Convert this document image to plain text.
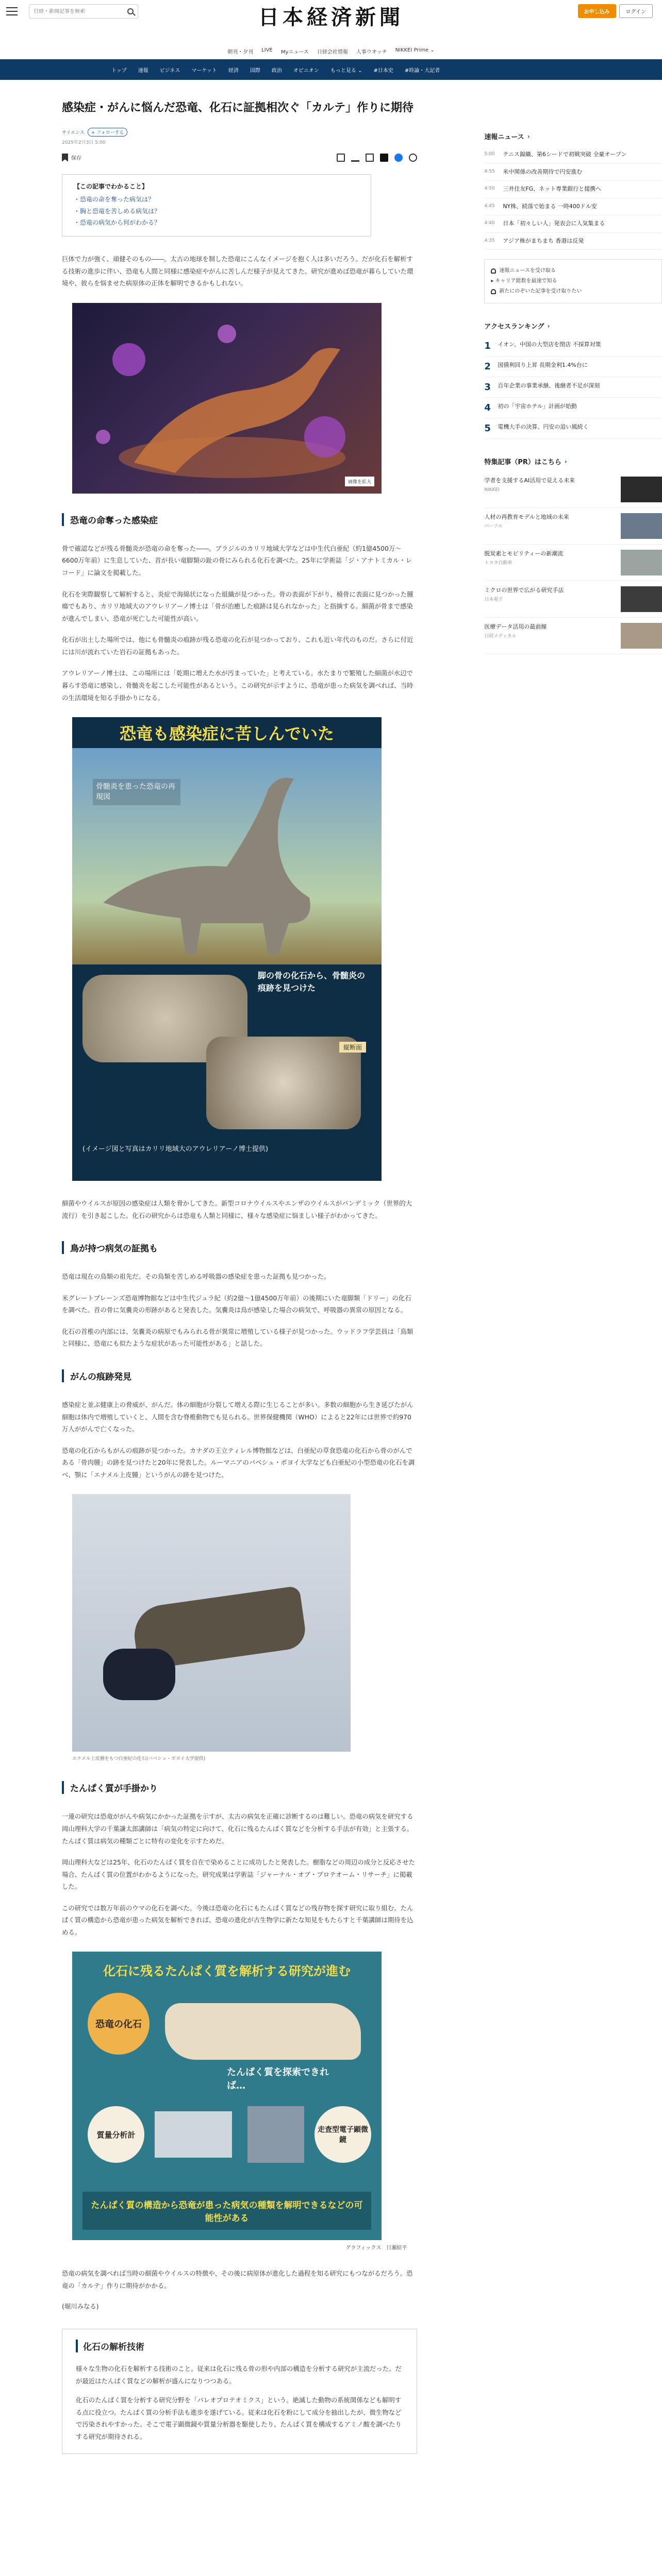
日経・新聞記事を検索
日本経済新聞	お申し込み	ログイン
朝刊・夕刊 LIVE Myニュース 日経会社情報 人事ウオッチ NIKKEI Prime ⌄
トップ 速報 ビジネス マーケット 経済 国際 政治 オピニオン もっと見る ⌄ #日本史 #時論・大記者
感染症・がんに悩んだ恐竜、化石に証拠相次ぐ「カルテ」作りに期待
サイエンス	+ フォローする
2025年2月3日 5:00
保存
【この記事でわかること】
・恐竜の命を奪った病気は？
・胸と恐竜を苦しめる病気は？
・恐竜の病気から何がわかる？

巨体で力が強く、頑健そのもの――。太古の地球を制した恐竜にこんなイメージを抱く人は多いだろう。だが化石を解析する技術の進歩に伴い、恐竜も人間と同様に感染症やがんに苦しんだ様子が見えてきた。研究が進めば恐竜が暮らしていた環境や、彼らを悩ませた病原体の正体を解明できるかもしれない。

画像を拡大
恐竜の命奪った感染症

骨で確認などが残る骨髄炎が恐竜の命を奪った――。ブラジルのカリリ地域大学などは中生代白亜紀（約1億4500万～6600万年前）に生息していた、首が長い竜脚類の趾の骨にみられる化石を調べた。25年に学術誌「ジ・アナトミカル・レコード」に論文を掲載した。

化石を実際観察して解析すると、炎症で海綿状になった組織が見つかった。骨の表面が下がり、橈骨に表面に見つかった腫瘍でもあり、カリリ地域大のアウレリアーノ博士は「骨が治癒した痕跡は見られなかった」と指摘する。細菌が骨まで感染が進んでしまい、恐竜が死亡した可能性が高い。

化石が出土した場所では、他にも骨髄炎の痕跡が残る恐竜の化石が見つかっており、これも近い年代のものだ。さらに付近には川が流れていた岩石の証拠もあった。

アウレリアーノ博士は、この場所には「乾期に増えた水が汚まっていた」と考えている。水たまりで繁殖した細菌が水辺で暮らす恐竜に感染し、骨髄炎を起こした可能性があるという。この研究が示すように、恐竜が患った病気を調べれば、当時の生活環境を知る手掛かりになる。

恐竜も感染症に苦しんでいた
骨髄炎を患った恐竜の再現図
脚の骨の化石から、骨髄炎の痕跡を見つけた
縦断面
(イメージ図と写真はカリリ地域大のアウレリアーノ博士提供)

細菌やウイルスが原因の感染症は人類を脅かしてきた。新型コロナウイルスやエンザのウイルスがパンデミック（世界的大流行）を引き起こした。化石の研究からは恐竜も人類と同様に、様々な感染症に悩ましい様子がわかってきた。

鳥が持つ病気の証拠も

恐竜は現在の鳥類の祖先だ。その鳥類を苦しめる呼吸器の感染症を患った証拠も見つかった。

米グレートプレーンズ恐竜博物館などは中生代ジュラ紀（約2億～1億4500万年前）の後期にいた竜脚類「ドリー」の化石を調べた。首の骨に気嚢炎の形跡があると発表した。気嚢炎は鳥が感染した場合の病気で、呼吸器の異常の原因となる。

化石の首椎の内部には、気嚢炎の病原でもみられる骨が異常に増殖している様子が見つかった。ウッドラフ学芸員は「鳥類と同様に、恐竜にも似たような症状があった可能性がある」と話した。

がんの痕跡発見

感染症と並ぶ健康上の脅威が、がんだ。体の細胞が分裂して増える際に生じることが多い。多数の細胞から生き延びたがん細胞は体内で増殖していくと、人間を含む脊椎動物でも見られる。世界保健機関（WHO）によると22年には世界で約970万人ががんで亡くなった。

恐竜の化石からもがんの痕跡が見つかった。カナダの王立ティレル博物館などは、白亜紀の草食恐竜の化石から骨のがんである「骨肉腫」の跡を見つけたと20年に発表した。ルーマニアのバベシュ・ボヨイ大学なども白亜紀の小型恐竜の化石を調べ、顎に「エナメル上皮腫」というがんの跡を見つけた。

エナメル上皮腫をもつ白亜紀の化石(バベシュ・ボヨイ大学提供)
たんぱく質が手掛かり

一連の研究は恐竜ががんや病気にかかった証拠を示すが、太古の病気を正確に診断するのは難しい。恐竜の病気を研究する岡山理科大学の千葉謙太郎講師は「病気の特定に向けて、化石に残るたんぱく質などを分析する手法が有効」と主張する。たんぱく質は病気の種類ごとに特有の変化を示すためだ。

岡山理科大などは25年、化石のたんぱく質を自在で染めることに成功したと発表した。樹脂などの周辺の成分と反応させた場合、たんぱく質の位置がわかるようになった。研究成果は学術誌「ジャーナル・オブ・プロテオーム・リサーチ」に掲載した。

この研究では数万年前のウマの化石を調べた。今後は恐竜の化石にもたんぱく質などの残存物を探す研究に取り組む。たんぱく質の構造から恐竜が患った病気を解析できれば、恐竜の進化が古生物学に新たな知見をもたらすと千葉講師は期待を込める。

化石に残るたんぱく質を解析する研究が進む
恐竜の化石
たんぱく質を探索できれば…
質量分析計
走査型電子顕微鏡
たんぱく質の構造から恐竜が患った病気の種類を解明できるなどの可能性がある
グラフィックス　日瀬紹平

恐竜の病気を調べれば当時の細菌やウイルスの特徴や、その後に病原体が進化した過程を知る研究にもつながるだろう。恐竜の「カルテ」作りに期待がかかる。

(堀川みなる)

化石の解析技術

様々な生物の化石を解析する技術のこと。従来は化石に残る骨の形や内部の構造を分析する研究が主流だった。だが最近はたんぱく質などの解析が盛んになりつつある。

化石のたんぱく質を分析する研究分野を「パレオプロテオミクス」という。絶滅した動物の系統関係なども解明する点に役立つ。たんぱく質の分析手法も進歩を遂げている。従来は化石を粉にして成分を抽出したが、微生物などで汚染されやすかった。そこで電子顕微鏡や質量分析器を駆使したり、たんぱく質を構成するアミノ酸を調べたりする研究が期待される。

速報ニュース ›
5:00	テニス錦織、第6シードで初戦突破 全豪オープン
4:55	米中関係の改善期待で円安進む
4:50	三井住友FG、ネット専業銀行と提携へ
4:45	NY株、続落で始まる 一時400ドル安
4:40	日本「初々しい人」発表会に人気集まる
4:35	アジア株がまちまち 香港は反発
速報ニュースを受け取る
▸ キャリア総数を最速で知る
新たにのぞいた記事を受け取りたい
アクセスランキング ›
1	イオン、中国の大型店を閉店 不採算対策
2	国債利回り上昇 長期金利1.4%台に
3	百年企業の事業承継、後継者不足が深刻
4	初の「宇宙ホテル」計画が始動
5	電機大手の決算、円安の追い風続く
特集記事（PR）はこちら ›
学者を支援するAI活用で見える未来
NIKKEI
人材の再教育モデルと地域の未来
パーソル
脱炭素とモビリティーの新潮流
トヨタ自動車
ミクロの世界で広がる研究手法
日本電子
医療データ活用の最前線
日経メディカル
